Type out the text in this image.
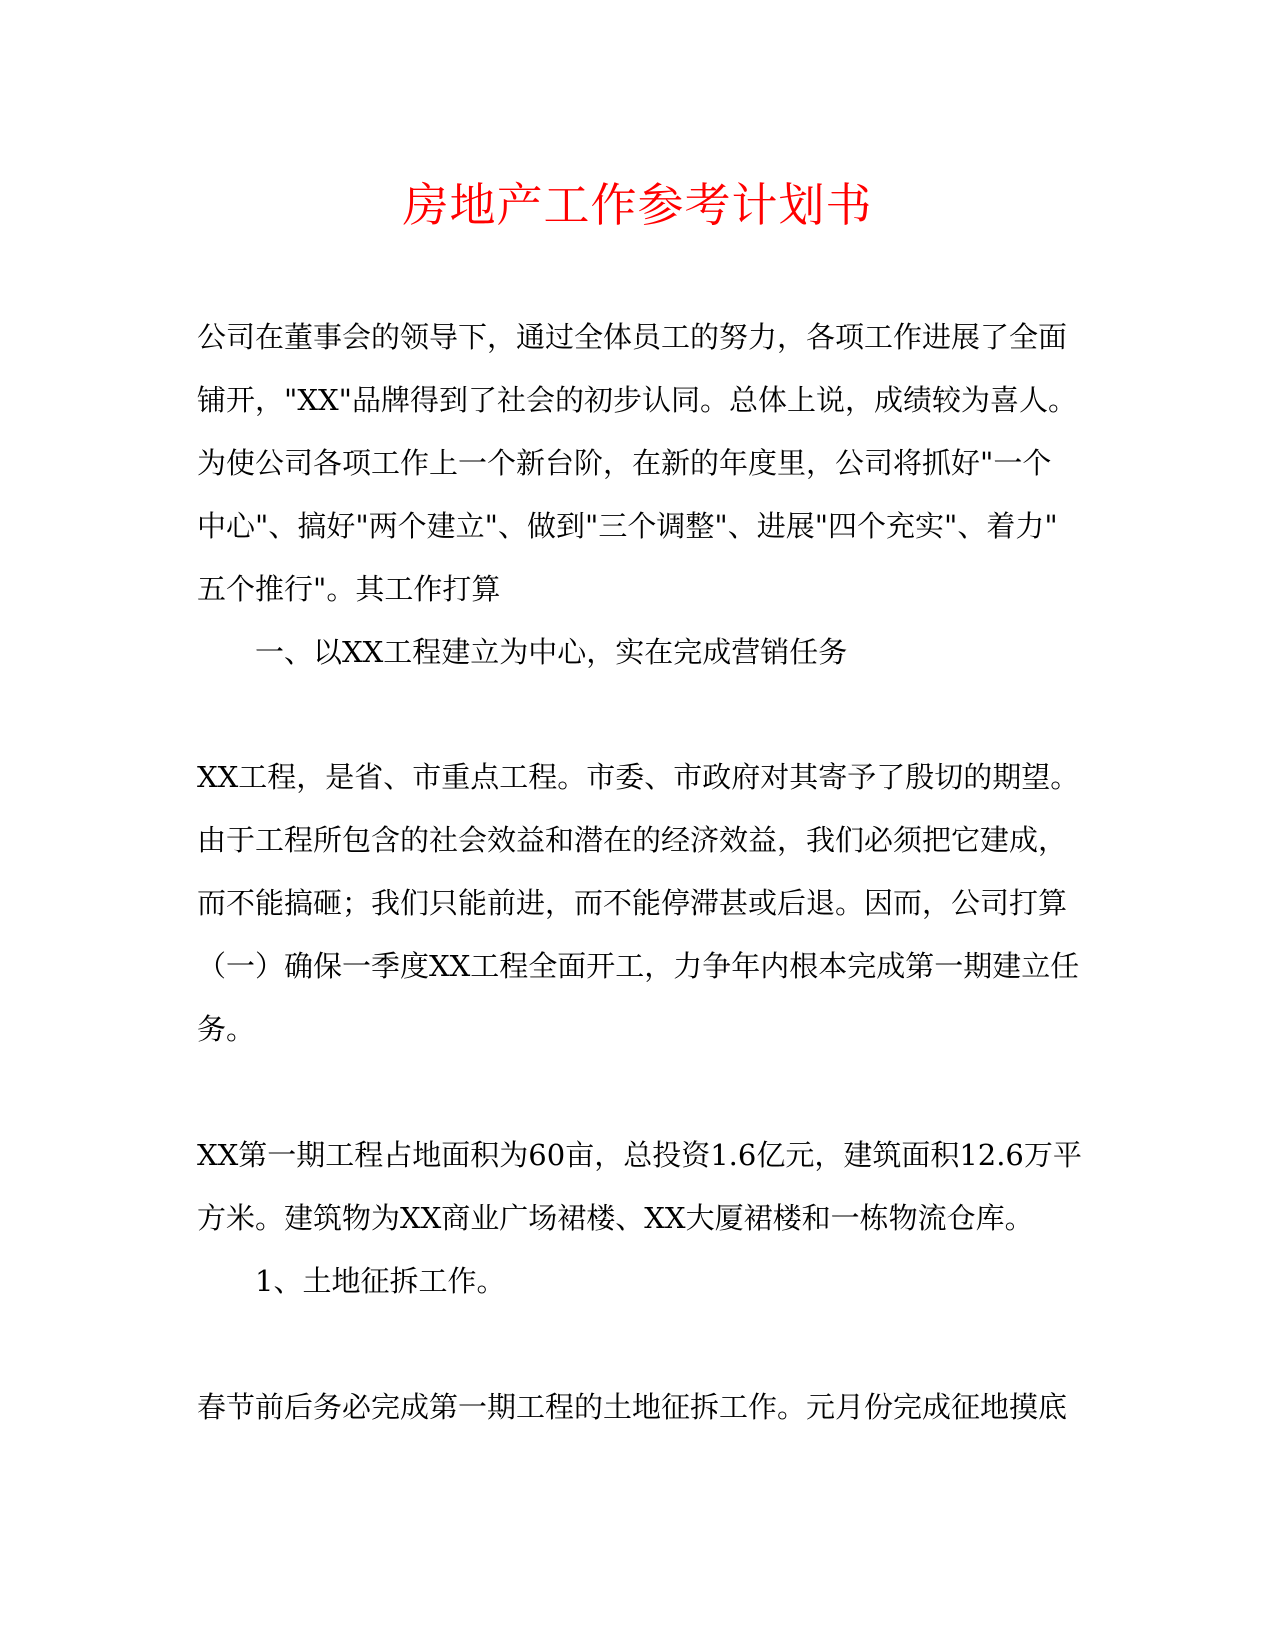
房地产工作参考计划书

公司在董事会的领导下，通过全体员工的努力，各项工作进展了全面

铺开，"XX"品牌得到了社会的初步认同。总体上说，成绩较为喜人。

为使公司各项工作上一个新台阶，在新的年度里，公司将抓好"一个

中心"、搞好"两个建立"、做到"三个调整"、进展"四个充实"、着力"

五个推行"。其工作打算

一、以XX工程建立为中心，实在完成营销任务

XX工程，是省、市重点工程。市委、市政府对其寄予了殷切的期望。

由于工程所包含的社会效益和潜在的经济效益，我们必须把它建成，

而不能搞砸；我们只能前进，而不能停滞甚或后退。因而，公司打算

（一）确保一季度XX工程全面开工，力争年内根本完成第一期建立任

务。

XX第一期工程占地面积为60亩，总投资1.6亿元，建筑面积12.6万平

方米。建筑物为XX商业广场裙楼、XX大厦裙楼和一栋物流仓库。

1、土地征拆工作。

春节前后务必完成第一期工程的土地征拆工作。元月份完成征地摸底
